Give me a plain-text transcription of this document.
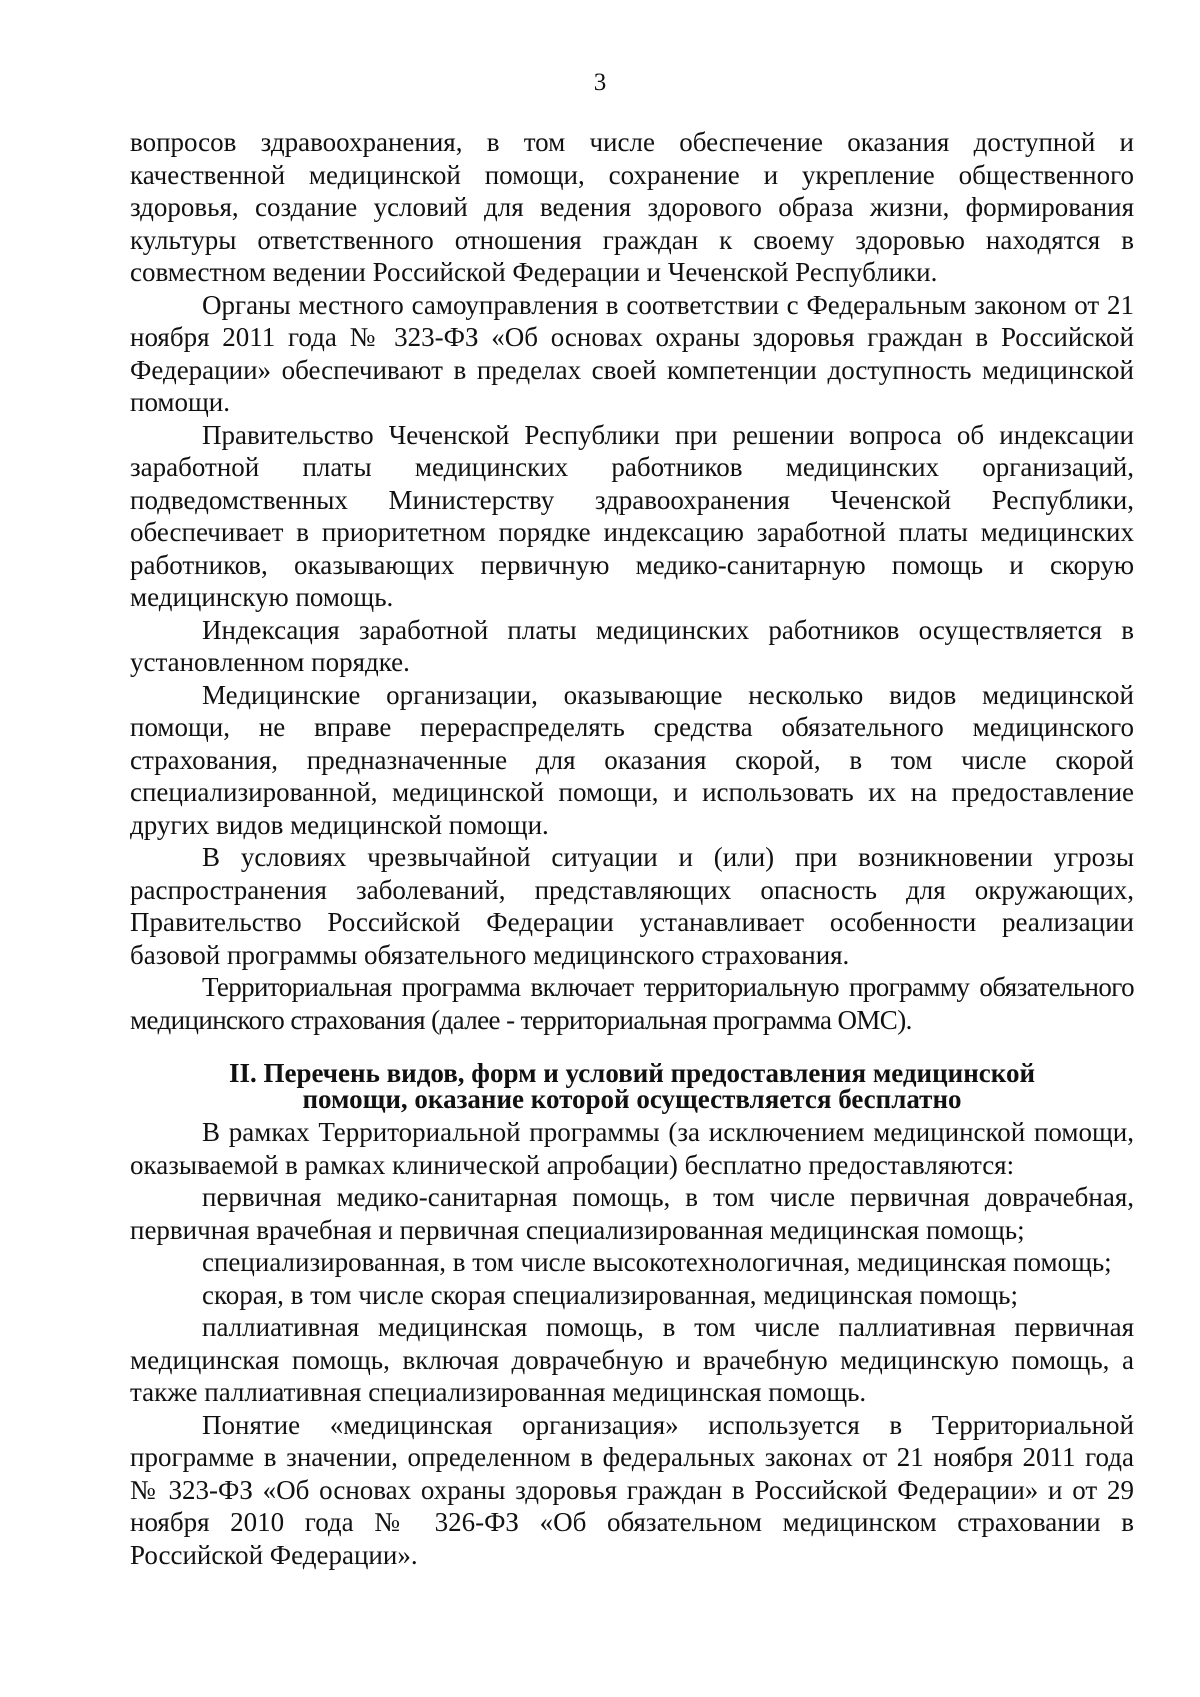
3

вопросов здравоохранения, в том числе обеспечение оказания доступной и качественной медицинской помощи, сохранение и укрепление общественного здоровья, создание условий для ведения здорового образа жизни, формирования культуры ответственного отношения граждан к своему здоровью находятся в совместном ведении Российской Федерации и Чеченской Республики.

Органы местного самоуправления в соответствии с Федеральным законом от 21 ноября 2011 года № 323-ФЗ «Об основах охраны здоровья граждан в Российской Федерации» обеспечивают в пределах своей компетенции доступность медицинской помощи.

Правительство Чеченской Республики при решении вопроса об индексации заработной платы медицинских работников медицинских организаций, подведомственных Министерству здравоохранения Чеченской Республики, обеспечивает в приоритетном порядке индексацию заработной платы медицинских работников, оказывающих первичную медико-санитарную помощь и скорую медицинскую помощь.

Индексация заработной платы медицинских работников осуществляется в установленном порядке.

Медицинские организации, оказывающие несколько видов медицинской помощи, не вправе перераспределять средства обязательного медицинского страхования, предназначенные для оказания скорой, в том числе скорой специализированной, медицинской помощи, и использовать их на предоставление других видов медицинской помощи.

В условиях чрезвычайной ситуации и (или) при возникновении угрозы распространения заболеваний, представляющих опасность для окружающих, Правительство Российской Федерации устанавливает особенности реализации базовой программы обязательного медицинского страхования.

Территориальная программа включает территориальную программу обязательного медицинского страхования (далее - территориальная программа ОМС).

II. Перечень видов, форм и условий предоставления медицинской
помощи, оказание которой осуществляется бесплатно

В рамках Территориальной программы (за исключением медицинской помощи, оказываемой в рамках клинической апробации) бесплатно предоставляются:

первичная медико-санитарная помощь, в том числе первичная доврачебная, первичная врачебная и первичная специализированная медицинская помощь;

специализированная, в том числе высокотехнологичная, медицинская помощь;

скорая, в том числе скорая специализированная, медицинская помощь;

паллиативная медицинская помощь, в том числе паллиативная первичная медицинская помощь, включая доврачебную и врачебную медицинскую помощь, а также паллиативная специализированная медицинская помощь.

Понятие «медицинская организация» используется в Территориальной программе в значении, определенном в федеральных законах от 21 ноября 2011 года № 323-ФЗ «Об основах охраны здоровья граждан в Российской Федерации» и от 29 ноября 2010 года № 326-ФЗ «Об обязательном медицинском страховании в Российской Федерации».
